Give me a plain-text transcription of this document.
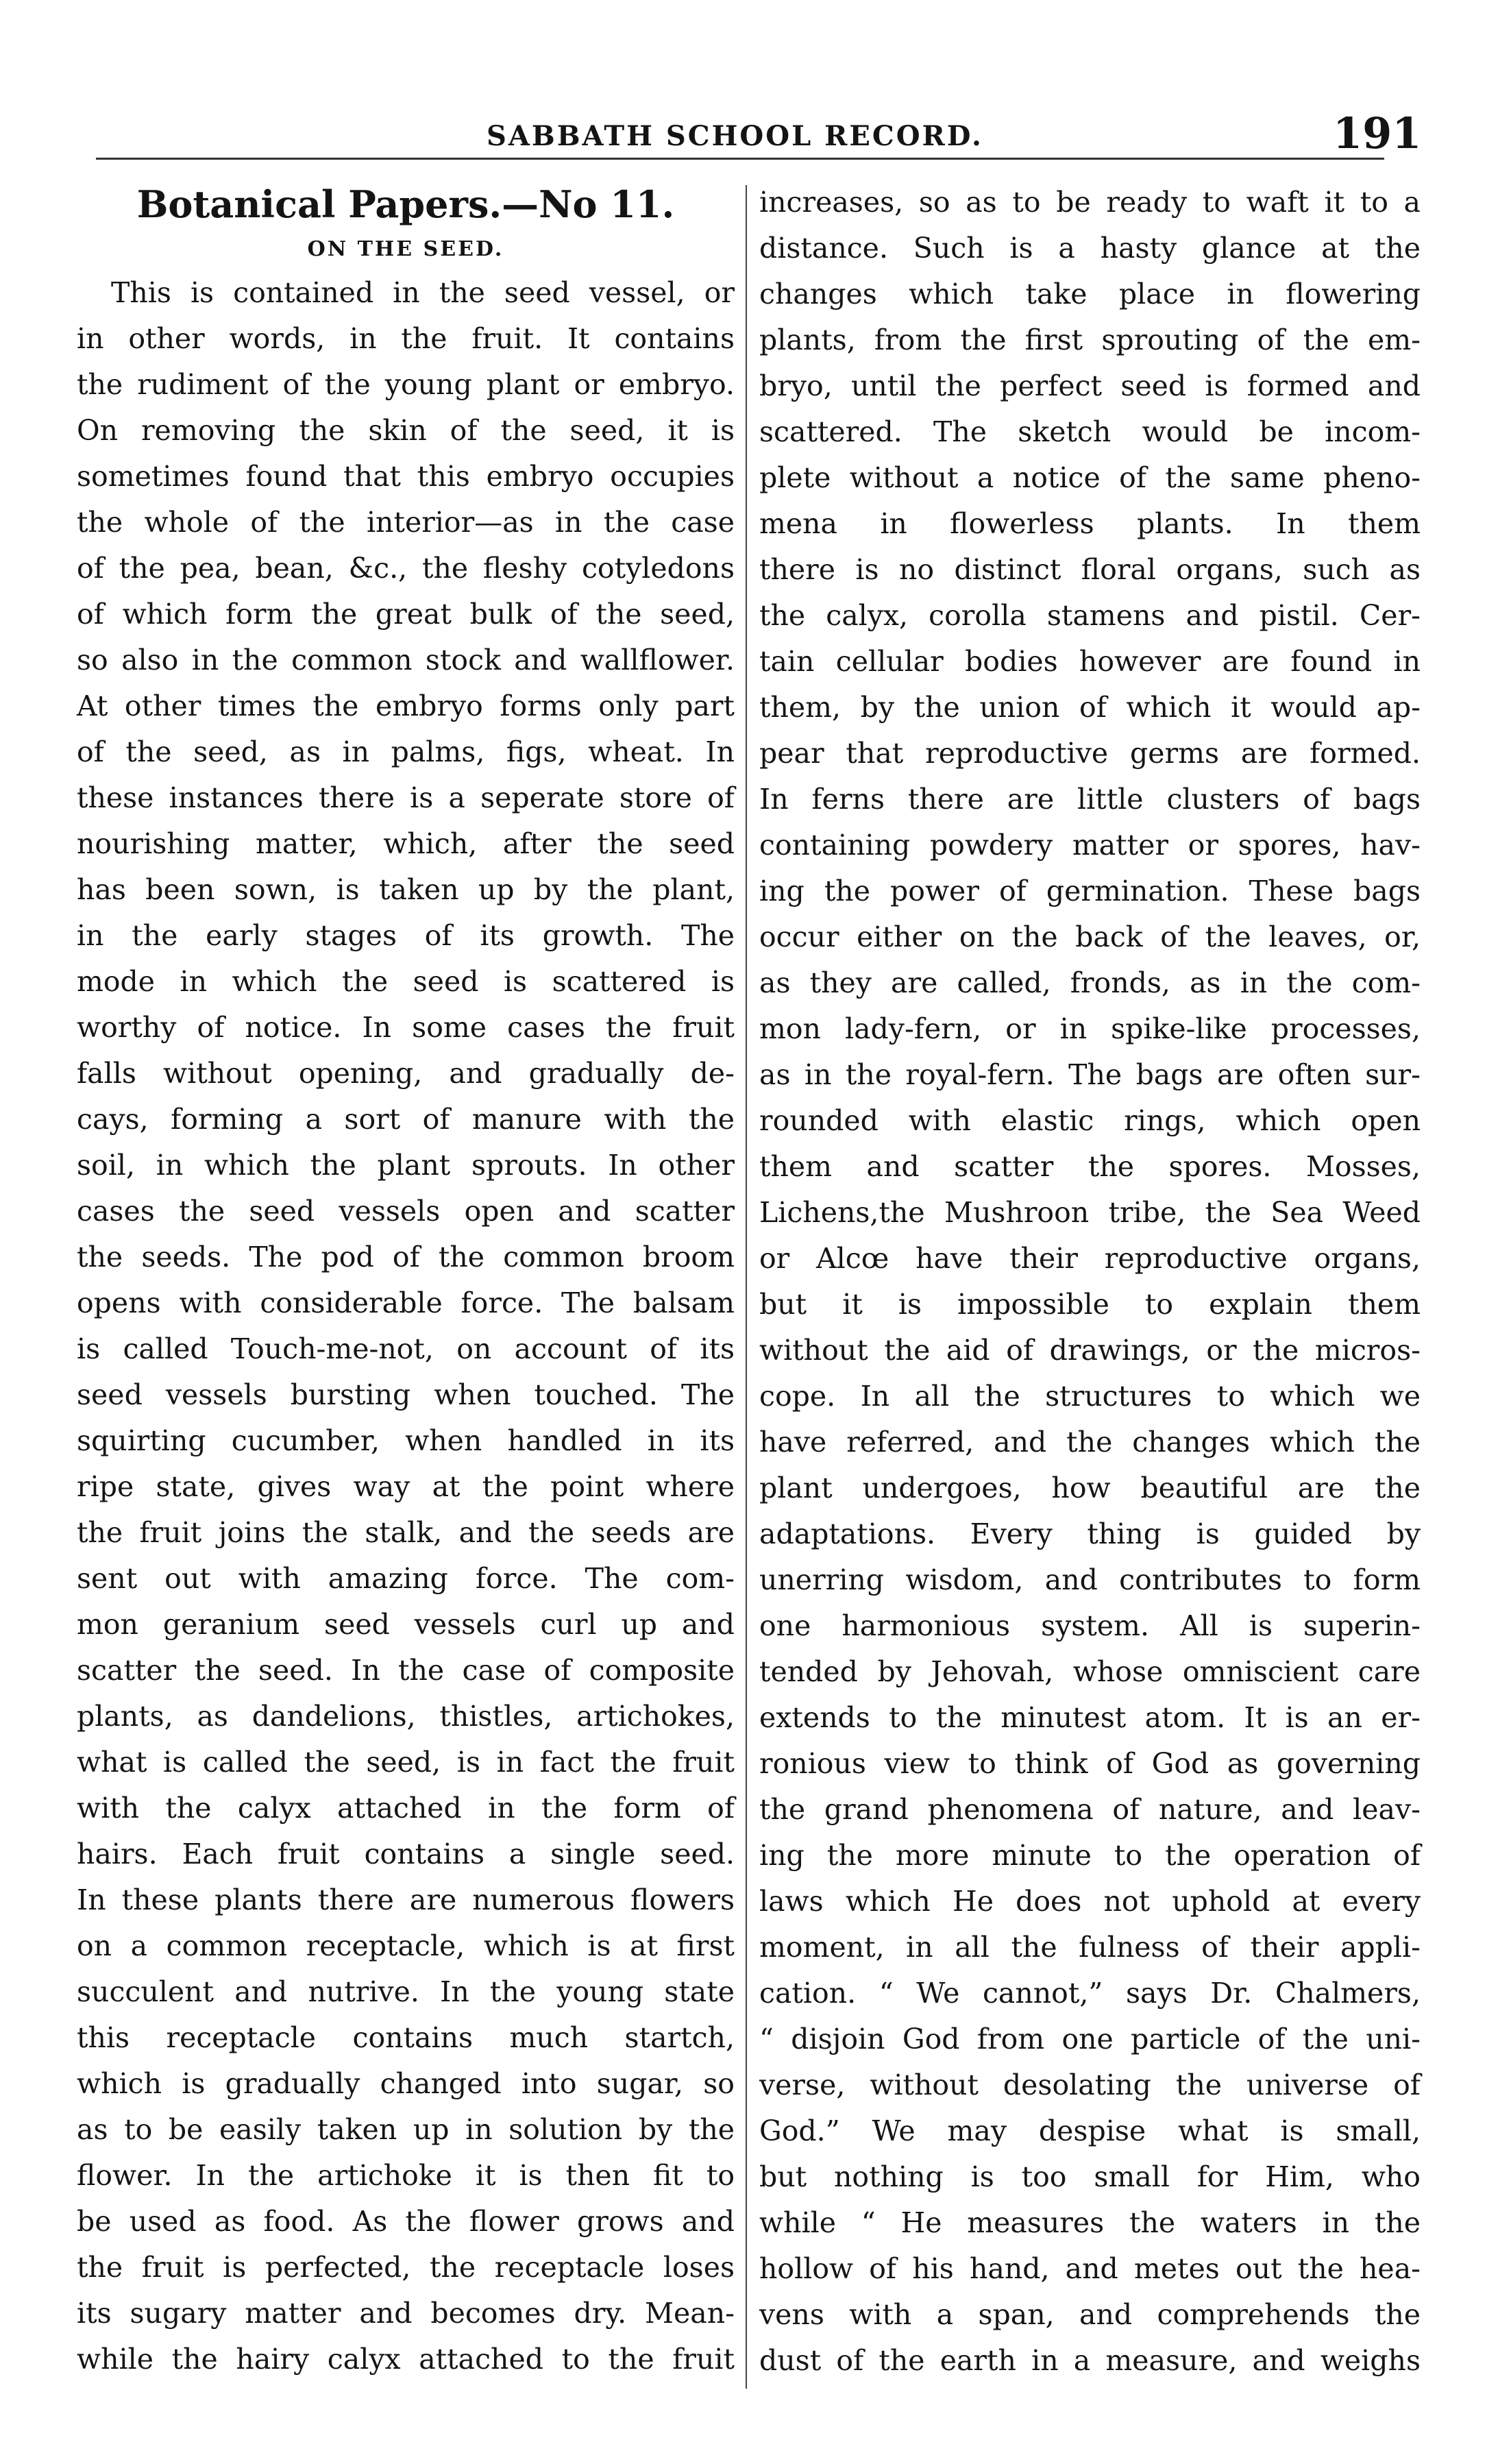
SABBATH SCHOOL RECORD.	191
Botanical Papers.—No 11.
ON THE SEED.
This is contained in the seed vessel, or
in other words, in the fruit. It contains
the rudiment of the young plant or embryo.
On removing the skin of the seed, it is
sometimes found that this embryo occupies
the whole of the interior—as in the case
of the pea, bean, &c., the fleshy cotyledons
of which form the great bulk of the seed,
so also in the common stock and wallflower.
At other times the embryo forms only part
of the seed, as in palms, figs, wheat. In
these instances there is a seperate store of
nourishing matter, which, after the seed
has been sown, is taken up by the plant,
in the early stages of its growth. The
mode in which the seed is scattered is
worthy of notice. In some cases the fruit
falls without opening, and gradually de-
cays, forming a sort of manure with the
soil, in which the plant sprouts. In other
cases the seed vessels open and scatter
the seeds. The pod of the common broom
opens with considerable force. The balsam
is called Touch-me-not, on account of its
seed vessels bursting when touched. The
squirting cucumber, when handled in its
ripe state, gives way at the point where
the fruit joins the stalk, and the seeds are
sent out with amazing force. The com-
mon geranium seed vessels curl up and
scatter the seed. In the case of composite
plants, as dandelions, thistles, artichokes,
what is called the seed, is in fact the fruit
with the calyx attached in the form of
hairs. Each fruit contains a single seed.
In these plants there are numerous flowers
on a common receptacle, which is at first
succulent and nutrive. In the young state
this receptacle contains much startch,
which is gradually changed into sugar, so
as to be easily taken up in solution by the
flower. In the artichoke it is then fit to
be used as food. As the flower grows and
the fruit is perfected, the receptacle loses
its sugary matter and becomes dry. Mean-
while the hairy calyx attached to the fruit
increases, so as to be ready to waft it to a
distance. Such is a hasty glance at the
changes which take place in flowering
plants, from the first sprouting of the em-
bryo, until the perfect seed is formed and
scattered. The sketch would be incom-
plete without a notice of the same pheno-
mena in flowerless plants. In them
there is no distinct floral organs, such as
the calyx, corolla stamens and pistil. Cer-
tain cellular bodies however are found in
them, by the union of which it would ap-
pear that reproductive germs are formed.
In ferns there are little clusters of bags
containing powdery matter or spores, hav-
ing the power of germination. These bags
occur either on the back of the leaves, or,
as they are called, fronds, as in the com-
mon lady-fern, or in spike-like processes,
as in the royal-fern. The bags are often sur-
rounded with elastic rings, which open
them and scatter the spores. Mosses,
Lichens,the Mushroon tribe, the Sea Weed
or Alcœ have their reproductive organs,
but it is impossible to explain them
without the aid of drawings, or the micros-
cope. In all the structures to which we
have referred, and the changes which the
plant undergoes, how beautiful are the
adaptations. Every thing is guided by
unerring wisdom, and contributes to form
one harmonious system. All is superin-
tended by Jehovah, whose omniscient care
extends to the minutest atom. It is an er-
ronious view to think of God as governing
the grand phenomena of nature, and leav-
ing the more minute to the operation of
laws which He does not uphold at every
moment, in all the fulness of their appli-
cation. “ We cannot,” says Dr. Chalmers,
“ disjoin God from one particle of the uni-
verse, without desolating the universe of
God.” We may despise what is small,
but nothing is too small for Him, who
while “ He measures the waters in the
hollow of his hand, and metes out the hea-
vens with a span, and comprehends the
dust of the earth in a measure, and weighs
